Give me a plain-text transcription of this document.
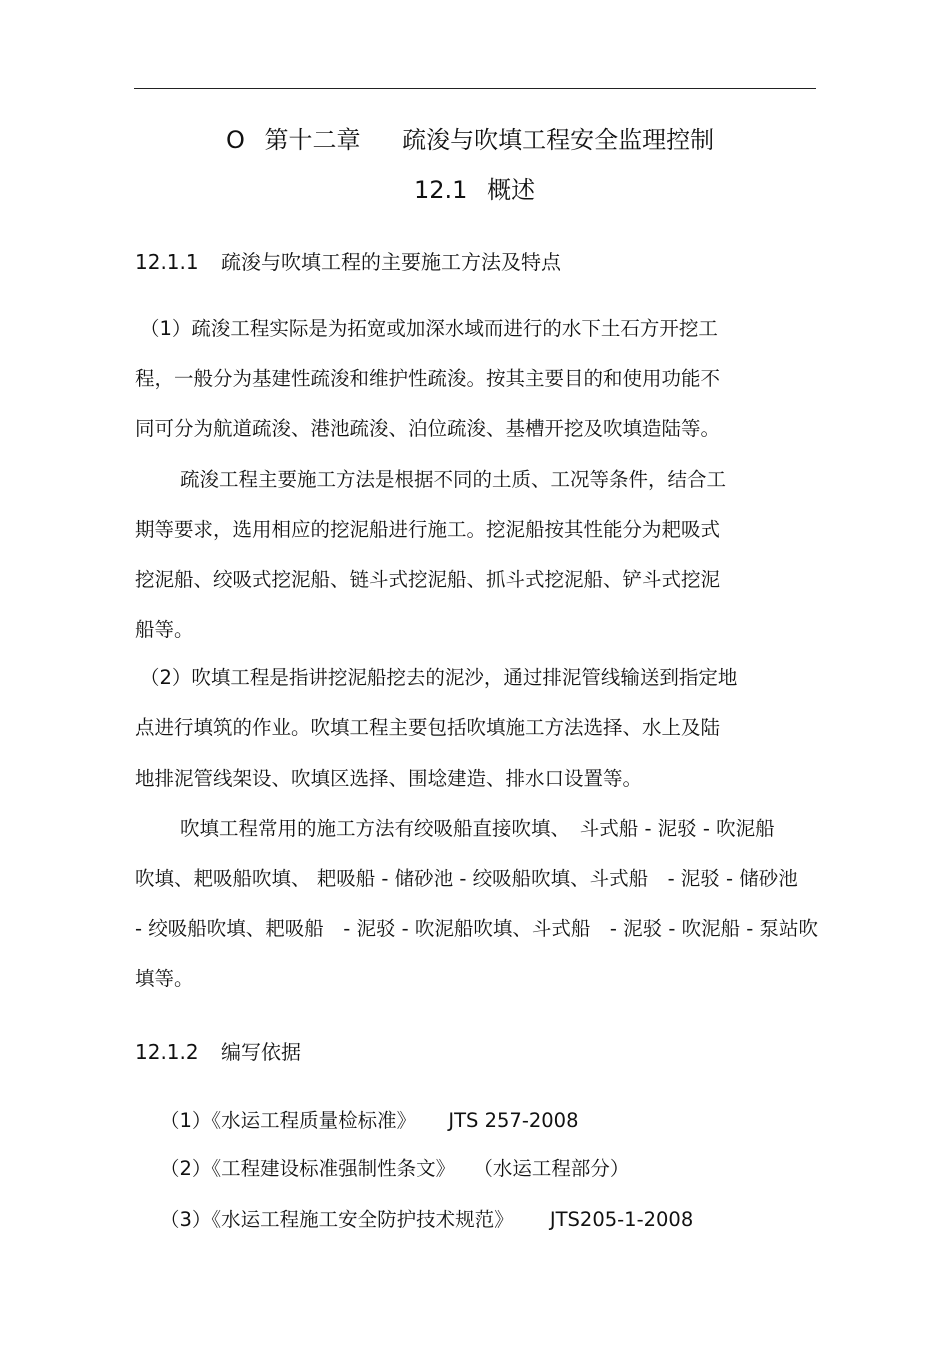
O 第十二章 疏浚与吹填工程安全监理控制
12.1 概述
12.1.1 疏浚与吹填工程的主要施工方法及特点
（1）疏浚工程实际是为拓宽或加深水域而进行的水下土石方开挖工
程，一般分为基建性疏浚和维护性疏浚。按其主要目的和使用功能不
同可分为航道疏浚、港池疏浚、泊位疏浚、基槽开挖及吹填造陆等。
疏浚工程主要施工方法是根据不同的土质、工况等条件，结合工
期等要求，选用相应的挖泥船进行施工。挖泥船按其性能分为耙吸式
挖泥船、绞吸式挖泥船、链斗式挖泥船、抓斗式挖泥船、铲斗式挖泥
船等。
（2）吹填工程是指讲挖泥船挖去的泥沙，通过排泥管线输送到指定地
点进行填筑的作业。吹填工程主要包括吹填施工方法选择、水上及陆
地排泥管线架设、吹填区选择、围埝建造、排水口设置等。
吹填工程常用的施工方法有绞吸船直接吹填、　斗式船 - 泥驳 - 吹泥船
吹填、耙吸船吹填、 耙吸船 - 储砂池 - 绞吸船吹填、斗式船　- 泥驳 - 储砂池
- 绞吸船吹填、耙吸船　- 泥驳 - 吹泥船吹填、斗式船　- 泥驳 - 吹泥船 - 泵站吹
填等。
12.1.2 编写依据
（1）《水运工程质量检标准》 JTS 257-2008
（2）《工程建设标准强制性条文》 （水运工程部分）
（3）《水运工程施工安全防护技术规范》 JTS205-1-2008
